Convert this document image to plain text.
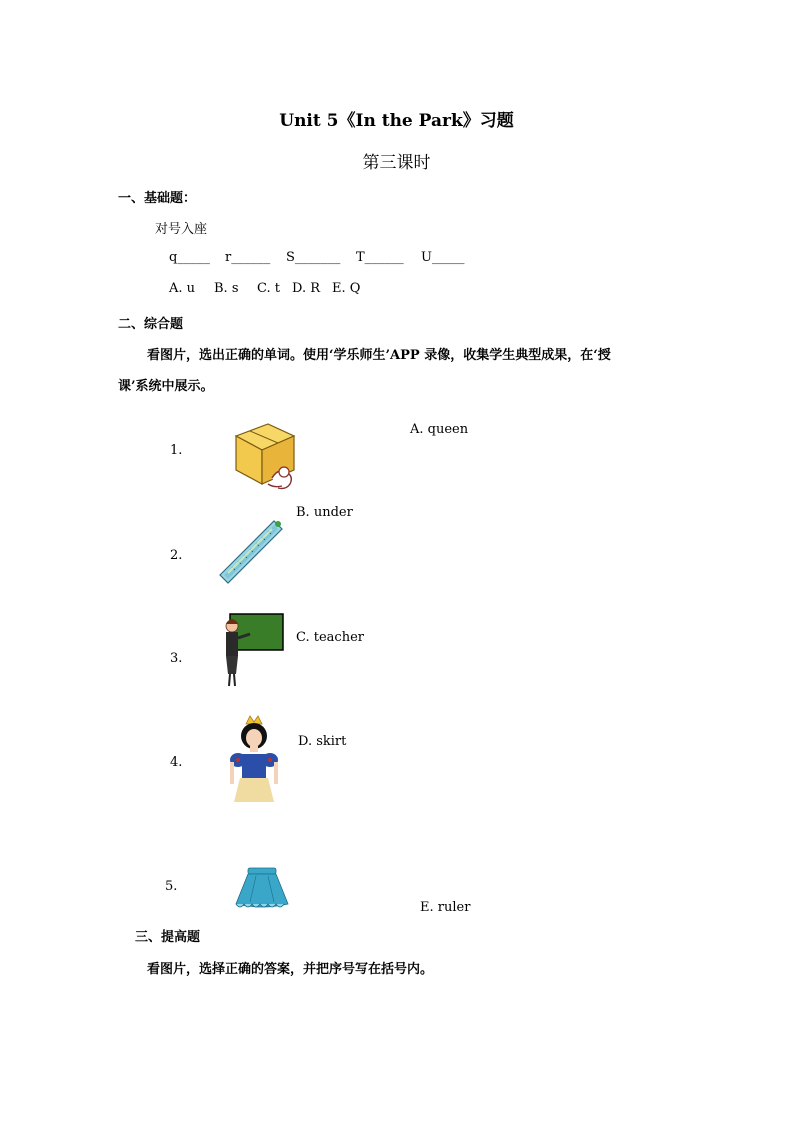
Unit 5《In the Park》习题
第三课时
一、基础题：
对号入座
q_____ r______ S_______ T______ U_____
A. u B. s C. t D. R E. Q
二、综合题
看图片，选出正确的单词。使用‘学乐师生’APP 录像，收集学生典型成果，在‘授
课’系统中展示。
1.
2.
3.
4.
5.
A. queen
B. under
C. teacher
D. skirt
E. ruler
三、提高题
看图片，选择正确的答案，并把序号写在括号内。
